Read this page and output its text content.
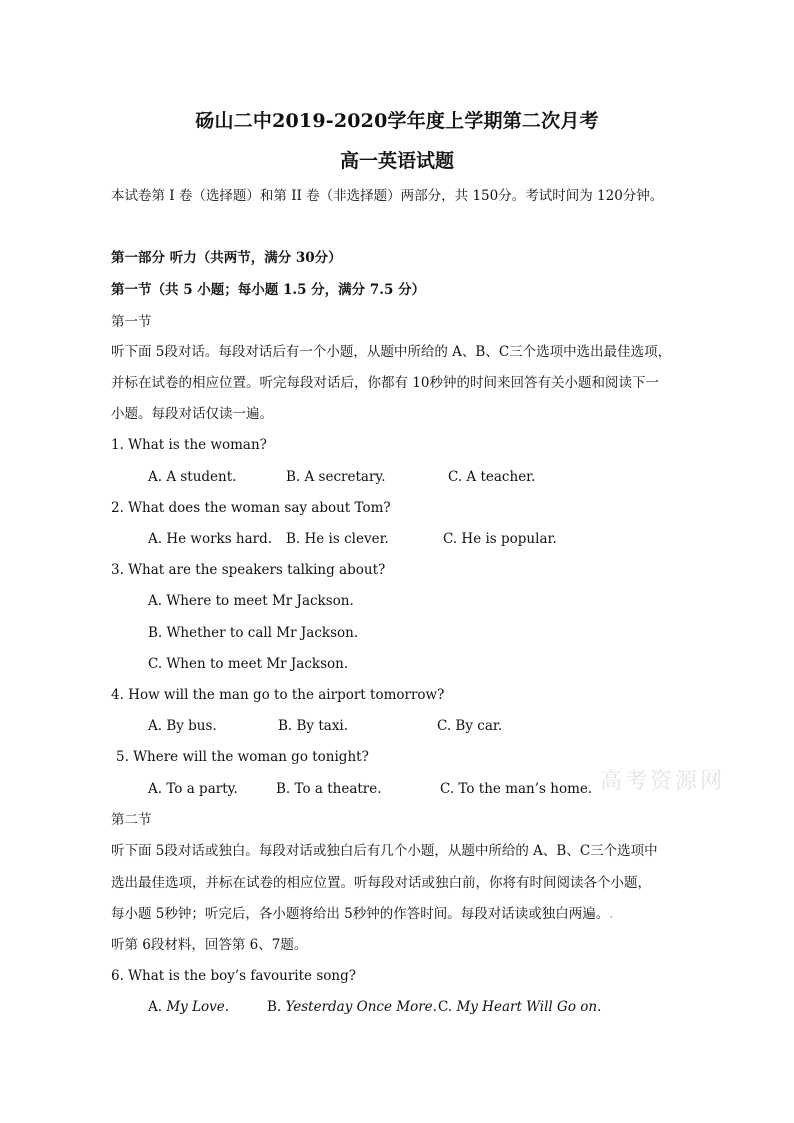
砀山二中2019-2020学年度上学期第二次月考
高一英语试题
本试卷第 I 卷（选择题）和第 II 卷（非选择题）两部分，共 150分。考试时间为 120分钟。
第一部分 听力（共两节，满分 30分）
第一节（共 5 小题；每小题 1.5 分，满分 7.5 分）
第一节
听下面 5段对话。每段对话后有一个小题，从题中所给的 A、B、C三个选项中选出最佳选项，
并标在试卷的相应位置。听完每段对话后，你都有 10秒钟的时间来回答有关小题和阅读下一
小题。每段对话仅读一遍。
1. What is the woman?
A. A student.	B. A secretary.	C. A teacher.
2. What does the woman say about Tom?
A. He works hard. B. He is clever.	C. He is popular.
3. What are the speakers talking about?
A. Where to meet Mr Jackson.
B. Whether to call Mr Jackson.
C. When to meet Mr Jackson.
4. How will the man go to the airport tomorrow?
A. By bus.	B. By taxi.	C. By car.
5. Where will the woman go tonight?
A. To a party.	B. To a theatre.	C. To the man’s home. 高考资源网
第二节
听下面 5段对话或独白。每段对话或独白后有几个小题，从题中所给的 A、B、C三个选项中
选出最佳选项，并标在试卷的相应位置。听每段对话或独白前，你将有时间阅读各个小题，
每小题 5秒钟；听完后，各小题将给出 5秒钟的作答时间。每段对话读或独白两遍。.
听第 6段材料，回答第 6、7题。
6. What is the boy’s favourite song?
A. My Love.	B. Yesterday Once More. C. My Heart Will Go on.
